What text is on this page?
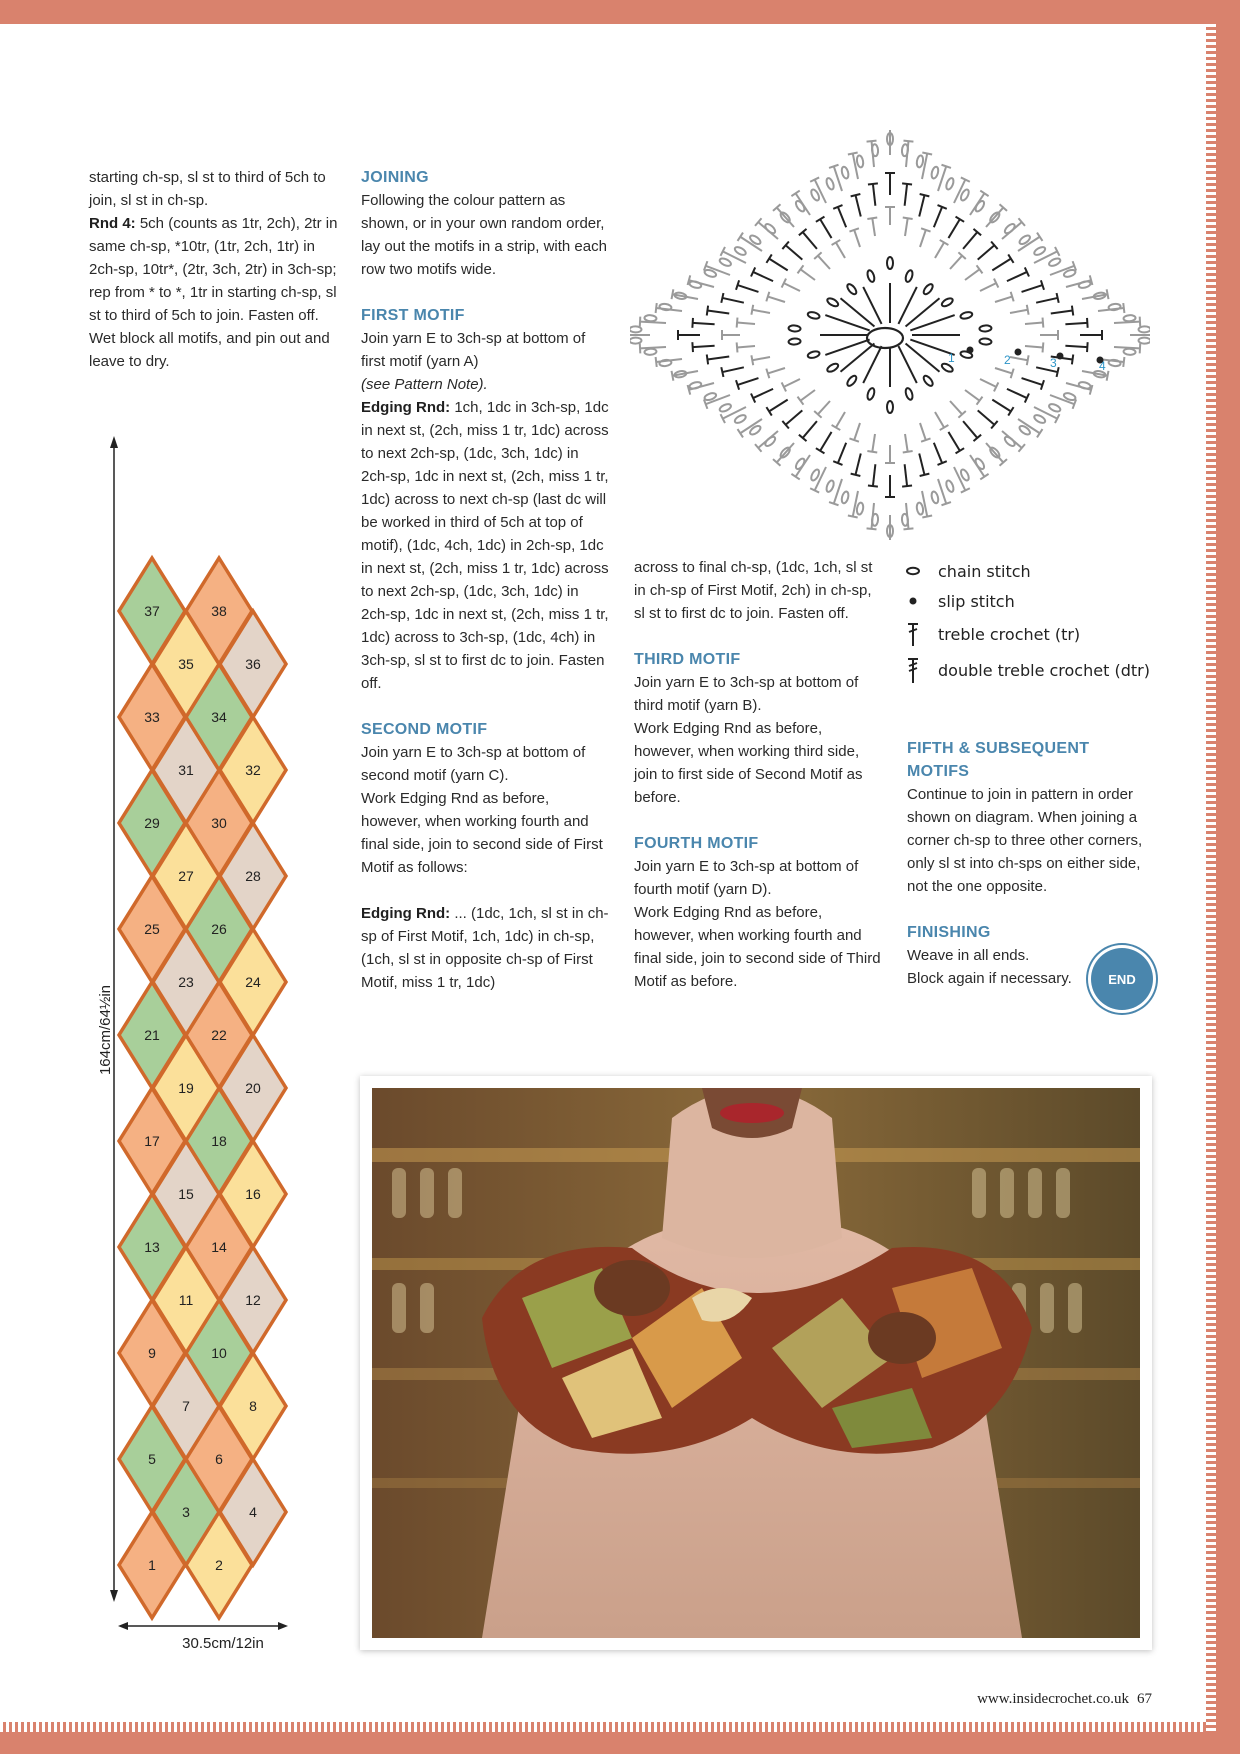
starting ch-sp, sl st to third of 5ch to join, sl st in ch-sp.

Rnd 4: 5ch (counts as 1tr, 2ch), 2tr in same ch-sp, *10tr, (1tr, 2ch, 1tr) in 2ch-sp, 10tr*, (2tr, 3ch, 2tr) in 3ch-sp; rep from * to *, 1tr in starting ch-sp, sl st to third of 5ch to join. Fasten off.

Wet block all motifs, and pin out and leave to dry.

JOINING

Following the colour pattern as shown, or in your own random order, lay out the motifs in a strip, with each row two motifs wide.

FIRST MOTIF

Join yarn E to 3ch-sp at bottom of first motif (yarn A)

(see Pattern Note).

Edging Rnd: 1ch, 1dc in 3ch-sp, 1dc in next st, (2ch, miss 1 tr, 1dc) across to next 2ch-sp, (1dc, 3ch, 1dc) in 2ch-sp, 1dc in next st, (2ch, miss 1 tr, 1dc) across to next ch-sp (last dc will be worked in third of 5ch at top of motif), (1dc, 4ch, 1dc) in 2ch-sp, 1dc in next st, (2ch, miss 1 tr, 1dc) across to next 2ch-sp, (1dc, 3ch, 1dc) in 2ch-sp, 1dc in next st, (2ch, miss 1 tr, 1dc) across to 3ch-sp, (1dc, 4ch) in 3ch-sp, sl st to first dc to join. Fasten off.

SECOND MOTIF

Join yarn E to 3ch-sp at bottom of second motif (yarn C).

Work Edging Rnd as before, however, when working fourth and final side, join to second side of First Motif as follows:

Edging Rnd: ... (1dc, 1ch, sl st in ch-sp of First Motif, 1ch, 1dc) in ch-sp, (1ch, sl st in opposite ch-sp of First Motif, miss 1 tr, 1dc)

across to final ch-sp, (1dc, 1ch, sl st in ch-sp of First Motif, 2ch) in ch-sp, sl st to first dc to join. Fasten off.

THIRD MOTIF

Join yarn E to 3ch-sp at bottom of third motif (yarn B).

Work Edging Rnd as before, however, when working third side, join to first side of Second Motif as before.

FOURTH MOTIF

Join yarn E to 3ch-sp at bottom of fourth motif (yarn D).

Work Edging Rnd as before, however, when working fourth and final side, join to second side of Third Motif as before.

chain stitch
slip stitch
treble crochet (tr)
double treble crochet (dtr)

FIFTH & SUBSEQUENT MOTIFS

Continue to join in pattern in order shown on diagram. When joining a corner ch-sp to three other corners, only sl st into ch-sps on either side, not the one opposite.

FINISHING

Weave in all ends.

Block again if necessary.	END
1	2	3	4
1	2
3	4
5	6
7	8
9	10
11	12
13	14
15	16
17	18
19	20
21	22
23	24
25	26
27	28
29	30
31	32
33	34
35	36
37	38
164cm/64½in
30.5cm/12in
www.insidecrochet.co.uk 67
